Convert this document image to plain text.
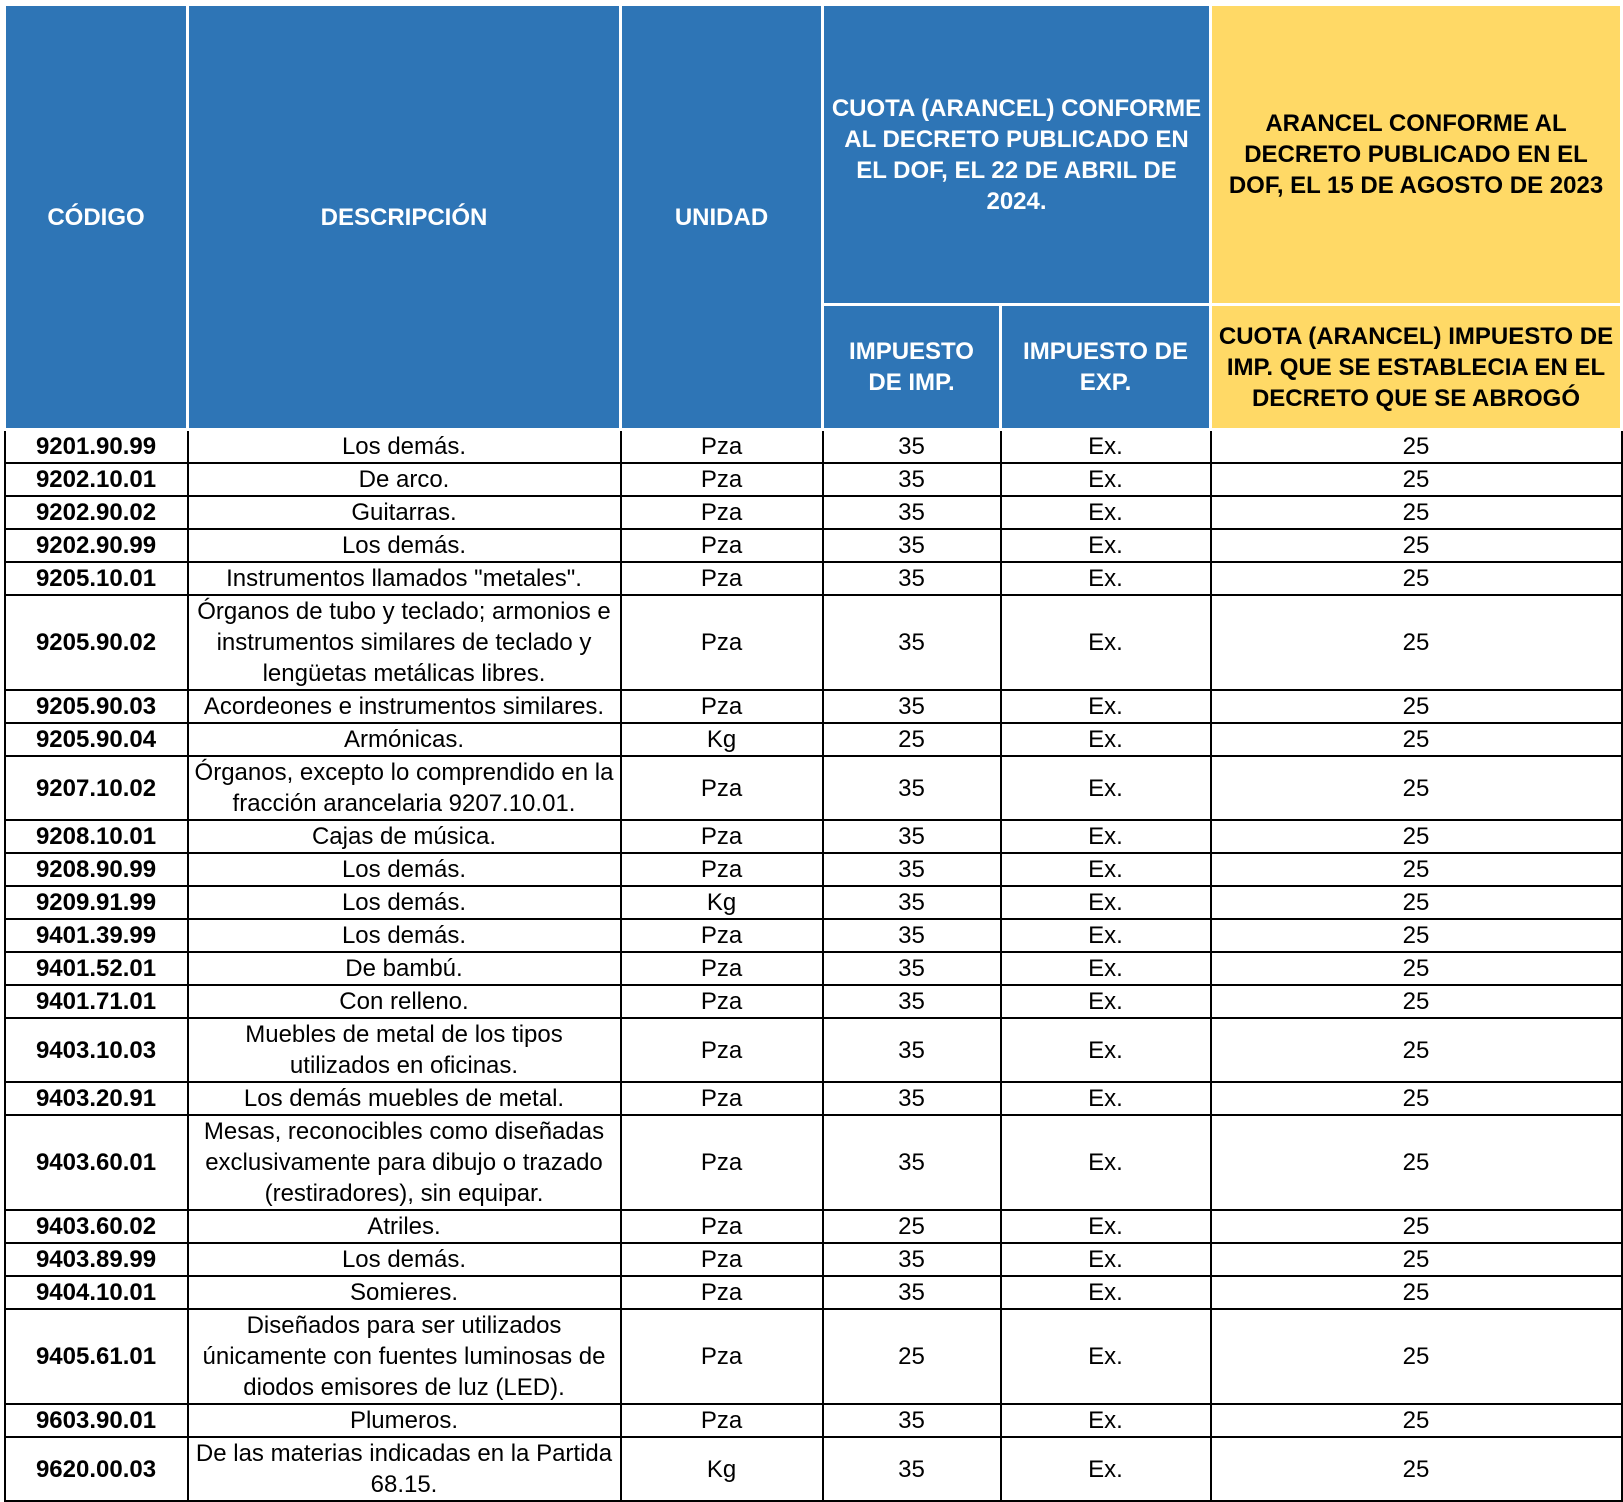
CÓDIGO	DESCRIPCIÓN	UNIDAD	CUOTA (ARANCEL) CONFORME AL DECRETO PUBLICADO EN EL DOF, EL 22 DE ABRIL DE 2024.		ARANCEL CONFORME AL DECRETO PUBLICADO EN EL DOF, EL 15 DE AGOSTO DE 2023
			IMPUESTO DE IMP.	IMPUESTO DE EXP.	CUOTA (ARANCEL) IMPUESTO DE IMP. QUE SE ESTABLECIA EN EL DECRETO QUE SE ABROGÓ
9201.90.99	Los demás.	Pza	35	Ex.	25
9202.10.01	De arco.	Pza	35	Ex.	25
9202.90.02	Guitarras.	Pza	35	Ex.	25
9202.90.99	Los demás.	Pza	35	Ex.	25
9205.10.01	Instrumentos llamados "metales".	Pza	35	Ex.	25
9205.90.02	Órganos de tubo y teclado; armonios e instrumentos similares de teclado y lengüetas metálicas libres.	Pza	35	Ex.	25
9205.90.03	Acordeones e instrumentos similares.	Pza	35	Ex.	25
9205.90.04	Armónicas.	Kg	25	Ex.	25
9207.10.02	Órganos, excepto lo comprendido en la fracción arancelaria 9207.10.01.	Pza	35	Ex.	25
9208.10.01	Cajas de música.	Pza	35	Ex.	25
9208.90.99	Los demás.	Pza	35	Ex.	25
9209.91.99	Los demás.	Kg	35	Ex.	25
9401.39.99	Los demás.	Pza	35	Ex.	25
9401.52.01	De bambú.	Pza	35	Ex.	25
9401.71.01	Con relleno.	Pza	35	Ex.	25
9403.10.03	Muebles de metal de los tipos utilizados en oficinas.	Pza	35	Ex.	25
9403.20.91	Los demás muebles de metal.	Pza	35	Ex.	25
9403.60.01	Mesas, reconocibles como diseñadas exclusivamente para dibujo o trazado (restiradores), sin equipar.	Pza	35	Ex.	25
9403.60.02	Atriles.	Pza	25	Ex.	25
9403.89.99	Los demás.	Pza	35	Ex.	25
9404.10.01	Somieres.	Pza	35	Ex.	25
9405.61.01	Diseñados para ser utilizados únicamente con fuentes luminosas de diodos emisores de luz (LED).	Pza	25	Ex.	25
9603.90.01	Plumeros.	Pza	35	Ex.	25
9620.00.03	De las materias indicadas en la Partida 68.15.	Kg	35	Ex.	25
